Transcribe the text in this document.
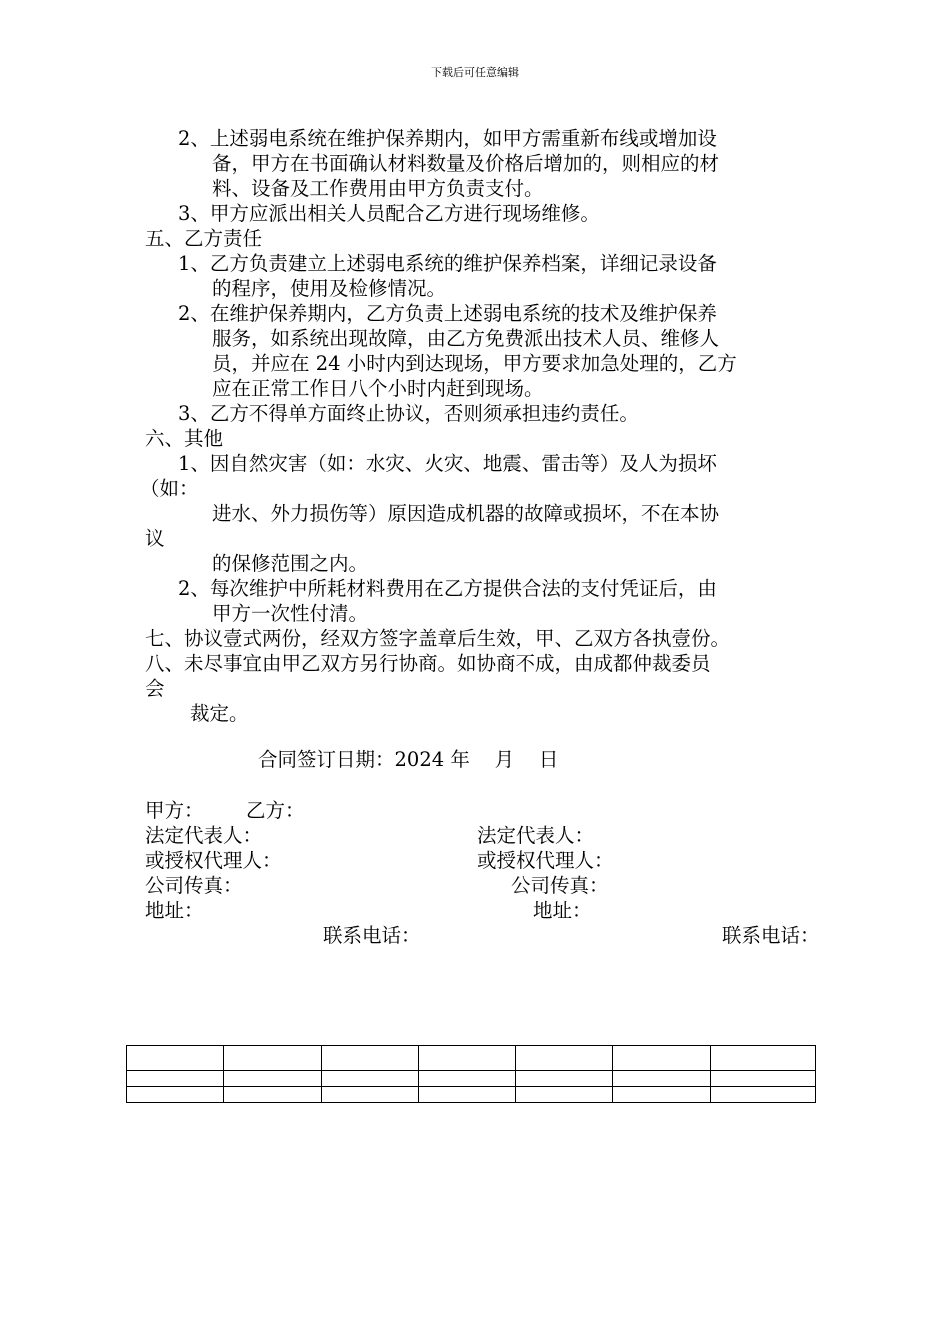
下载后可任意编辑
2、上述弱电系统在维护保养期内，如甲方需重新布线或增加设
备，甲方在书面确认材料数量及价格后增加的，则相应的材
料、设备及工作费用由甲方负责支付。
3、甲方应派出相关人员配合乙方进行现场维修。
五、乙方责任
1、乙方负责建立上述弱电系统的维护保养档案，详细记录设备
的程序，使用及检修情况。
2、在维护保养期内，乙方负责上述弱电系统的技术及维护保养
服务，如系统出现故障，由乙方免费派出技术人员、维修人
员，并应在 24 小时内到达现场，甲方要求加急处理的，乙方
应在正常工作日八个小时内赶到现场。
3、乙方不得单方面终止协议，否则须承担违约责任。
六、其他
1、因自然灾害（如：水灾、火灾、地震、雷击等）及人为损坏
（如：
进水、外力损伤等）原因造成机器的故障或损坏，不在本协
议
的保修范围之内。
2、每次维护中所耗材料费用在乙方提供合法的支付凭证后，由
甲方一次性付清。
七、协议壹式两份，经双方签字盖章后生效，甲、乙双方各执壹份。
八、未尽事宜由甲乙双方另行协商。如协商不成，由成都仲裁委员
会
裁定。
合同签订日期：2024 年    月    日
甲方： 乙方：
法定代表人：	法定代表人：
或授权代理人：	或授权代理人：
公司传真：	公司传真：
地址：	地址：
联系电话：	联系电话：
